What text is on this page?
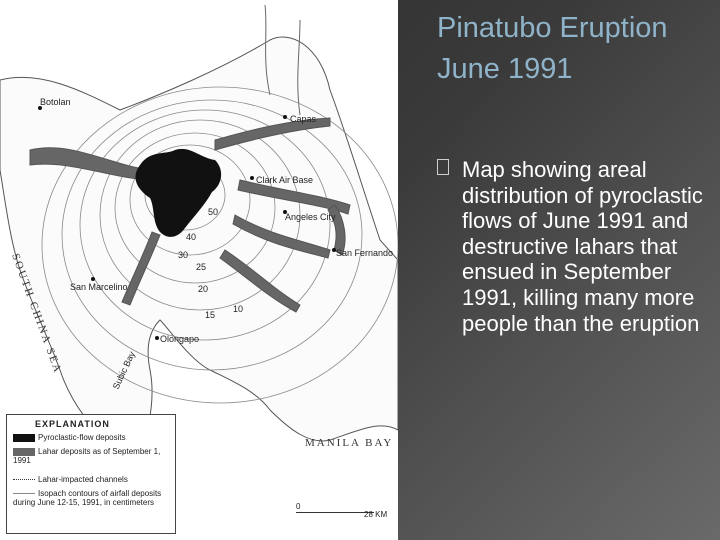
50
40
30
25
20
15
10
Botolan
Capas
Clark Air Base
Angeles City
San Fernando
San Marcelino
Olongapo
Subic Bay
SOUTH CHINA SEA
MANILA BAY
EXPLANATION
Pyroclastic-flow deposits
Lahar deposits as of September 1, 1991
Lahar-impacted channels
Isopach contours of airfall deposits during June 12-15, 1991, in centimeters	0
28 KM
Pinatubo Eruption June 1991
Map showing areal distribution of pyroclastic flows of June 1991 and destructive lahars that ensued in September 1991, killing many more people than the eruption
